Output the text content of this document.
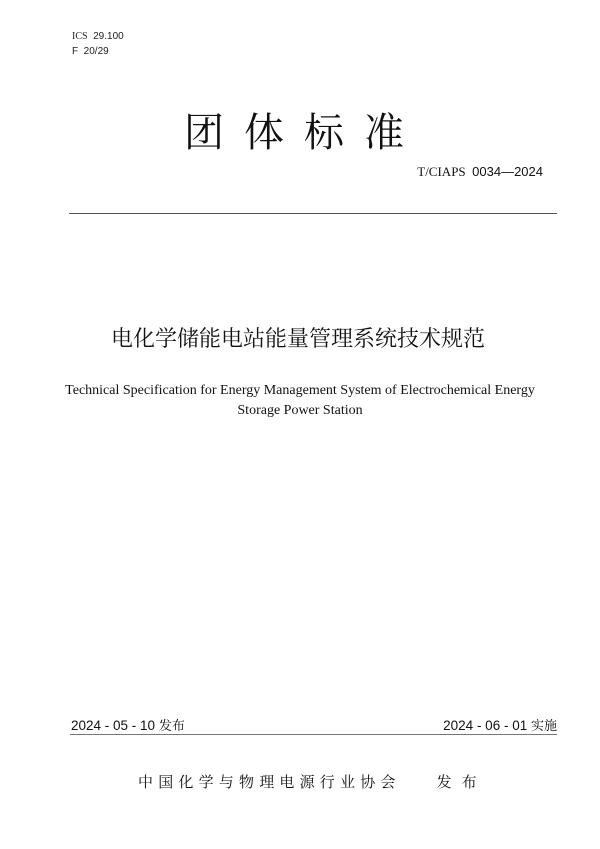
ICS 29.100
F 20/29
团体标准
T/CIAPS 0034—2024
电化学储能电站能量管理系统技术规范
Technical Specification for Energy Management System of Electrochemical Energy
Storage Power Station
2024 - 05 - 10 发布	2024 - 06 - 01 实施
中国化学与物理电源行业协会 发布
